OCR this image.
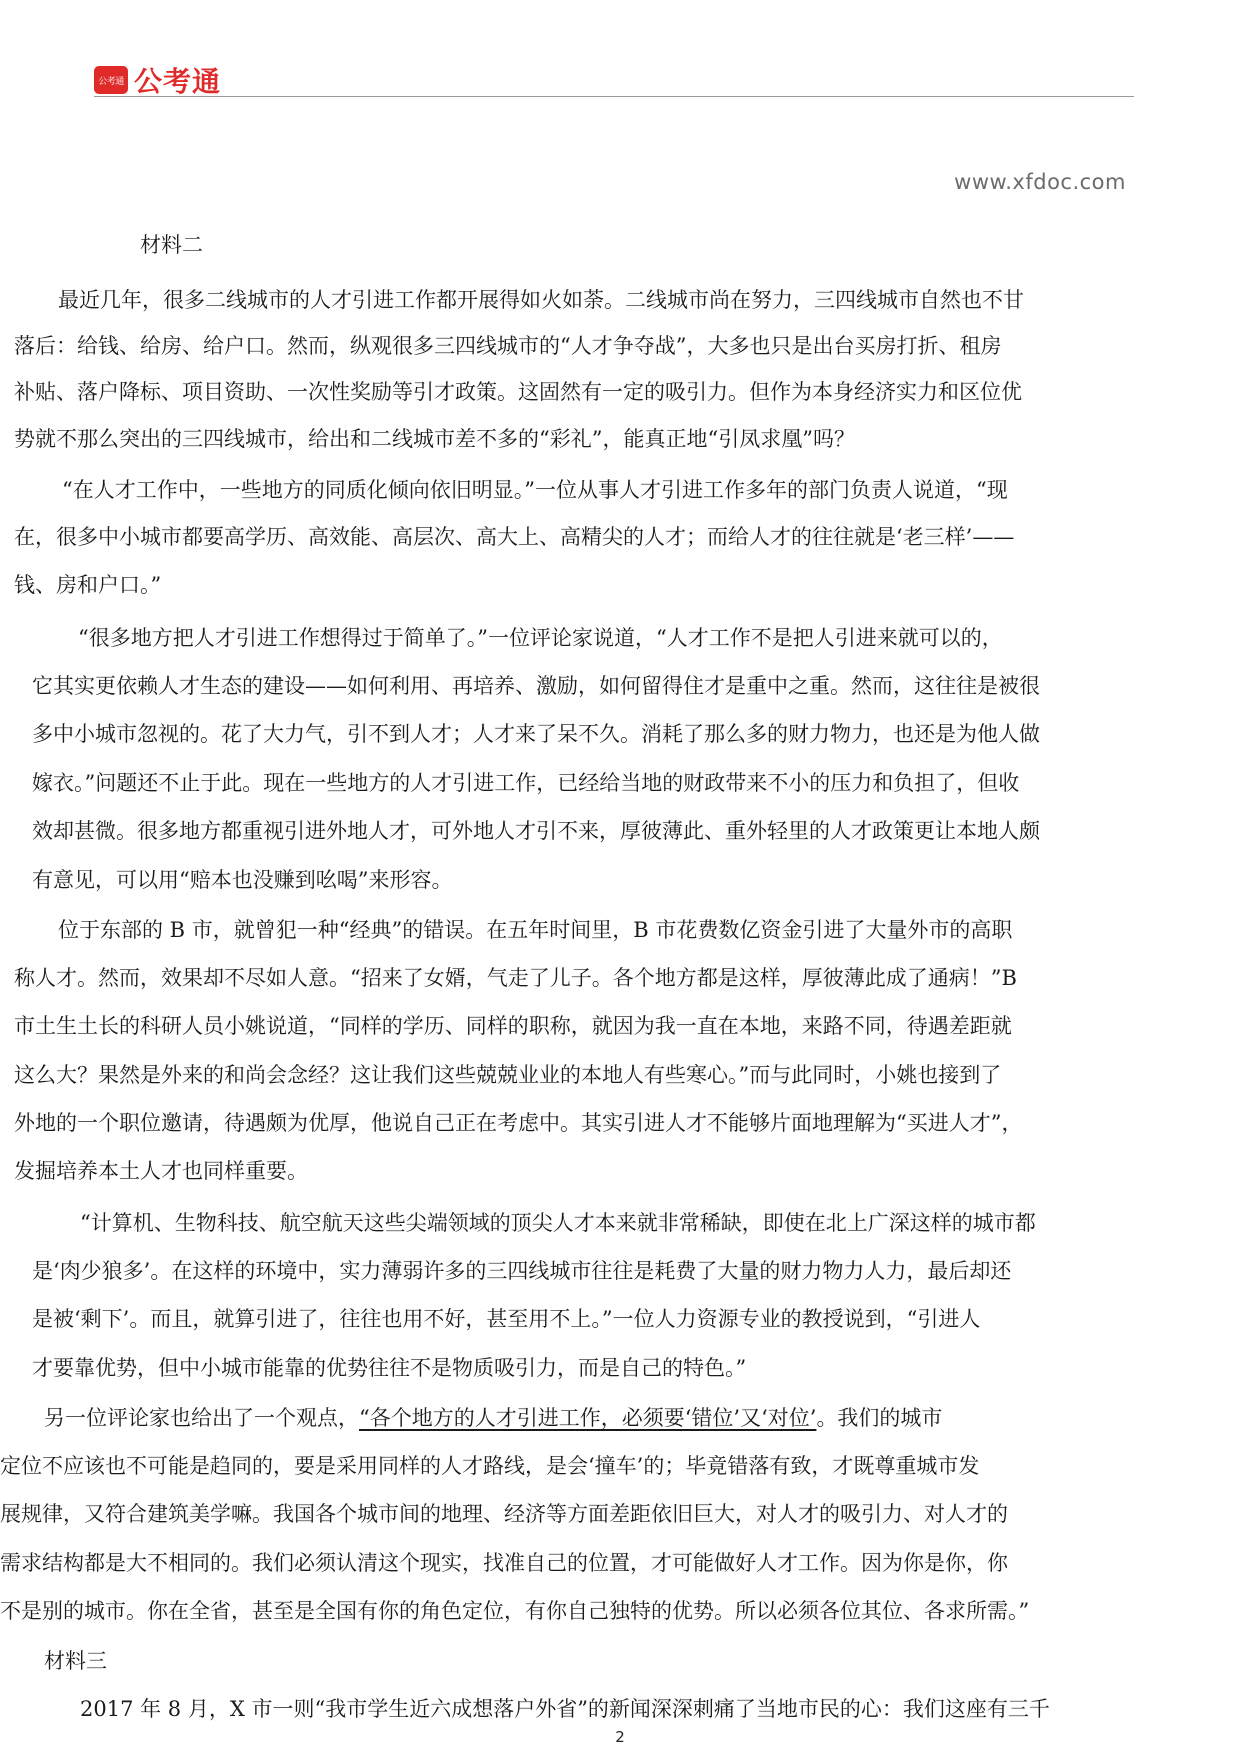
公考通 公考通
www.xfdoc.com
材料二
最近几年，很多二线城市的人才引进工作都开展得如火如荼。二线城市尚在努力，三四线城市自然也不甘
落后：给钱、给房、给户口。然而，纵观很多三四线城市的“人才争夺战”，大多也只是出台买房打折、租房
补贴、落户降标、项目资助、一次性奖励等引才政策。这固然有一定的吸引力。但作为本身经济实力和区位优
势就不那么突出的三四线城市，给出和二线城市差不多的“彩礼”，能真正地“引凤求凰”吗？
“在人才工作中，一些地方的同质化倾向依旧明显。”一位从事人才引进工作多年的部门负责人说道，“现
在，很多中小城市都要高学历、高效能、高层次、高大上、高精尖的人才；而给人才的往往就是‘老三样’——
钱、房和户口。”
“很多地方把人才引进工作想得过于简单了。”一位评论家说道，“人才工作不是把人引进来就可以的，
它其实更依赖人才生态的建设——如何利用、再培养、激励，如何留得住才是重中之重。然而，这往往是被很
多中小城市忽视的。花了大力气，引不到人才；人才来了呆不久。消耗了那么多的财力物力，也还是为他人做
嫁衣。”问题还不止于此。现在一些地方的人才引进工作，已经给当地的财政带来不小的压力和负担了，但收
效却甚微。很多地方都重视引进外地人才，可外地人才引不来，厚彼薄此、重外轻里的人才政策更让本地人颇
有意见，可以用“赔本也没赚到吆喝”来形容。
位于东部的 B 市，就曾犯一种“经典”的错误。在五年时间里，B 市花费数亿资金引进了大量外市的高职
称人才。然而，效果却不尽如人意。“招来了女婿，气走了儿子。各个地方都是这样，厚彼薄此成了通病！”B
市土生土长的科研人员小姚说道，“同样的学历、同样的职称，就因为我一直在本地，来路不同，待遇差距就
这么大？果然是外来的和尚会念经？这让我们这些兢兢业业的本地人有些寒心。”而与此同时，小姚也接到了
外地的一个职位邀请，待遇颇为优厚，他说自己正在考虑中。其实引进人才不能够片面地理解为“买进人才”，
发掘培养本土人才也同样重要。
“计算机、生物科技、航空航天这些尖端领域的顶尖人才本来就非常稀缺，即使在北上广深这样的城市都
是‘肉少狼多’。在这样的环境中，实力薄弱许多的三四线城市往往是耗费了大量的财力物力人力，最后却还
是被‘剩下’。而且，就算引进了，往往也用不好，甚至用不上。”一位人力资源专业的教授说到，“引进人
才要靠优势，但中小城市能靠的优势往往不是物质吸引力，而是自己的特色。”
另一位评论家也给出了一个观点，“各个地方的人才引进工作，必须要‘错位’又‘对位’。我们的城市
定位不应该也不可能是趋同的，要是采用同样的人才路线，是会‘撞车’的；毕竟错落有致，才既尊重城市发
展规律，又符合建筑美学嘛。我国各个城市间的地理、经济等方面差距依旧巨大，对人才的吸引力、对人才的
需求结构都是大不相同的。我们必须认清这个现实，找准自己的位置，才可能做好人才工作。因为你是你，你
不是别的城市。你在全省，甚至是全国有你的角色定位，有你自己独特的优势。所以必须各位其位、各求所需。”
材料三
2017 年 8 月，X 市一则“我市学生近六成想落户外省”的新闻深深刺痛了当地市民的心：我们这座有三千
2
